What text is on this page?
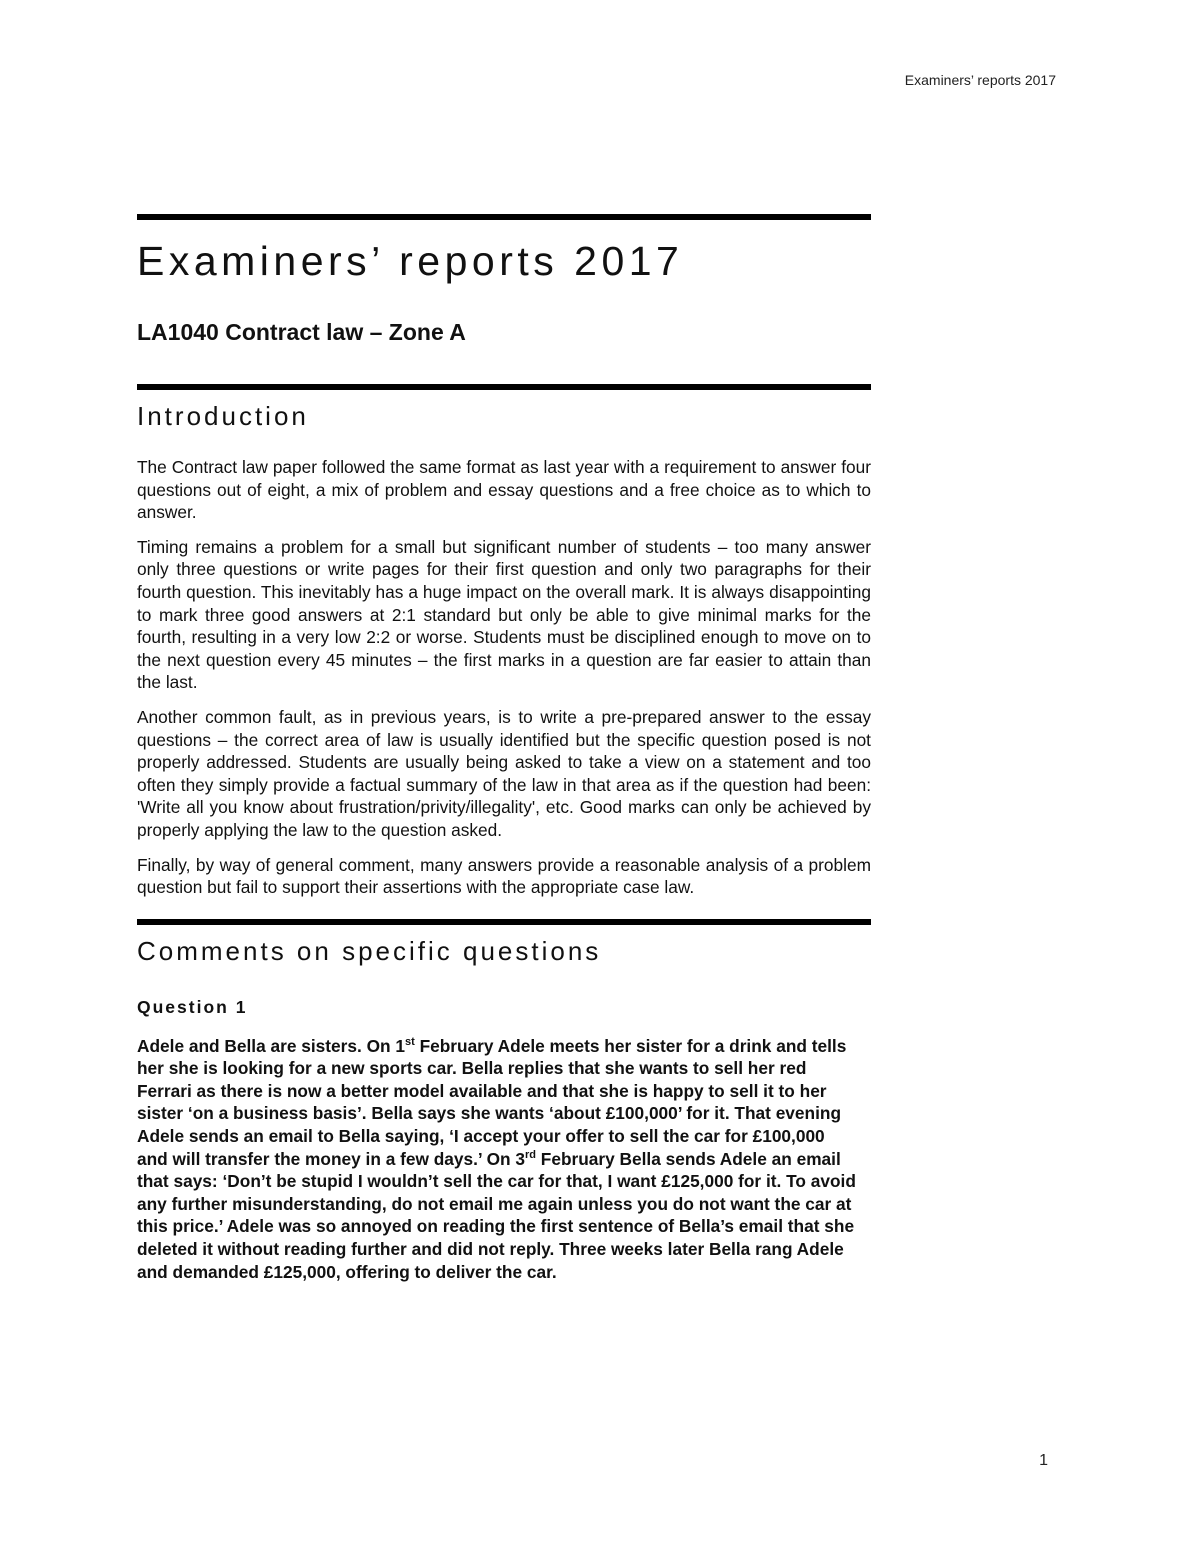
Examiners’ reports 2017
Examiners’ reports 2017
LA1040 Contract law – Zone A
Introduction

The Contract law paper followed the same format as last year with a requirement to answer four questions out of eight, a mix of problem and essay questions and a free choice as to which to answer.

Timing remains a problem for a small but significant number of students – too many answer only three questions or write pages for their first question and only two paragraphs for their fourth question. This inevitably has a huge impact on the overall mark. It is always disappointing to mark three good answers at 2:1 standard but only be able to give minimal marks for the fourth, resulting in a very low 2:2 or worse. Students must be disciplined enough to move on to the next question every 45 minutes – the first marks in a question are far easier to attain than the last.

Another common fault, as in previous years, is to write a pre-prepared answer to the essay questions – the correct area of law is usually identified but the specific question posed is not properly addressed. Students are usually being asked to take a view on a statement and too often they simply provide a factual summary of the law in that area as if the question had been: 'Write all you know about frustration/privity/illegality', etc. Good marks can only be achieved by properly applying the law to the question asked.

Finally, by way of general comment, many answers provide a reasonable analysis of a problem question but fail to support their assertions with the appropriate case law.

Comments on specific questions
Question 1

Adele and Bella are sisters. On 1st February Adele meets her sister for a drink and tells her she is looking for a new sports car. Bella replies that she wants to sell her red Ferrari as there is now a better model available and that she is happy to sell it to her sister ‘on a business basis’. Bella says she wants ‘about £100,000’ for it. That evening Adele sends an email to Bella saying, ‘I accept your offer to sell the car for £100,000 and will transfer the money in a few days.’ On 3rd February Bella sends Adele an email that says: ‘Don’t be stupid I wouldn’t sell the car for that, I want £125,000 for it. To avoid any further misunderstanding, do not email me again unless you do not want the car at this price.’ Adele was so annoyed on reading the first sentence of Bella’s email that she deleted it without reading further and did not reply. Three weeks later Bella rang Adele and demanded £125,000, offering to deliver the car.

1
